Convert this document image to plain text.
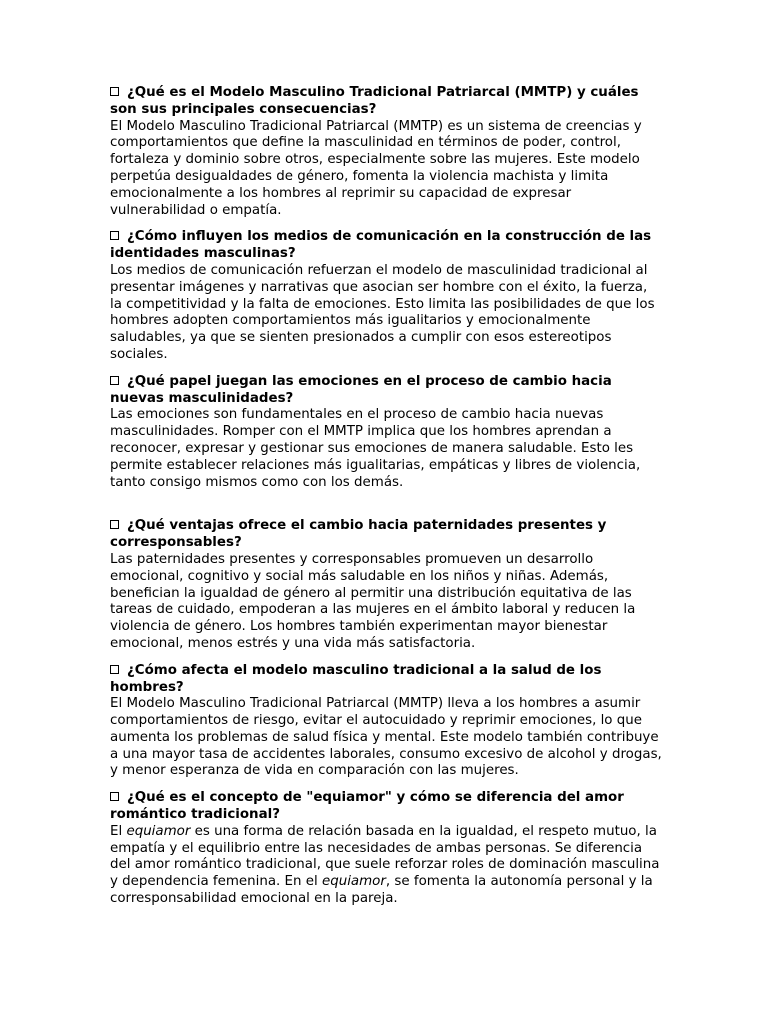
¿Qué es el Modelo Masculino Tradicional Patriarcal (MMTP) y cuáles son sus principales consecuencias?

El Modelo Masculino Tradicional Patriarcal (MMTP) es un sistema de creencias y comportamientos que define la masculinidad en términos de poder, control, fortaleza y dominio sobre otros, especialmente sobre las mujeres. Este modelo perpetúa desigualdades de género, fomenta la violencia machista y limita emocionalmente a los hombres al reprimir su capacidad de expresar vulnerabilidad o empatía.

¿Cómo influyen los medios de comunicación en la construcción de las identidades masculinas?

Los medios de comunicación refuerzan el modelo de masculinidad tradicional al presentar imágenes y narrativas que asocian ser hombre con el éxito, la fuerza, la competitividad y la falta de emociones. Esto limita las posibilidades de que los hombres adopten comportamientos más igualitarios y emocionalmente saludables, ya que se sienten presionados a cumplir con esos estereotipos sociales.

¿Qué papel juegan las emociones en el proceso de cambio hacia nuevas masculinidades?

Las emociones son fundamentales en el proceso de cambio hacia nuevas masculinidades. Romper con el MMTP implica que los hombres aprendan a reconocer, expresar y gestionar sus emociones de manera saludable. Esto les permite establecer relaciones más igualitarias, empáticas y libres de violencia, tanto consigo mismos como con los demás.

¿Qué ventajas ofrece el cambio hacia paternidades presentes y corresponsables?

Las paternidades presentes y corresponsables promueven un desarrollo emocional, cognitivo y social más saludable en los niños y niñas. Además, benefician la igualdad de género al permitir una distribución equitativa de las tareas de cuidado, empoderan a las mujeres en el ámbito laboral y reducen la violencia de género. Los hombres también experimentan mayor bienestar emocional, menos estrés y una vida más satisfactoria.

¿Cómo afecta el modelo masculino tradicional a la salud de los hombres?

El Modelo Masculino Tradicional Patriarcal (MMTP) lleva a los hombres a asumir comportamientos de riesgo, evitar el autocuidado y reprimir emociones, lo que aumenta los problemas de salud física y mental. Este modelo también contribuye a una mayor tasa de accidentes laborales, consumo excesivo de alcohol y drogas, y menor esperanza de vida en comparación con las mujeres.

¿Qué es el concepto de "equiamor" y cómo se diferencia del amor romántico tradicional?

El equiamor es una forma de relación basada en la igualdad, el respeto mutuo, la empatía y el equilibrio entre las necesidades de ambas personas. Se diferencia del amor romántico tradicional, que suele reforzar roles de dominación masculina y dependencia femenina. En el equiamor, se fomenta la autonomía personal y la corresponsabilidad emocional en la pareja.
